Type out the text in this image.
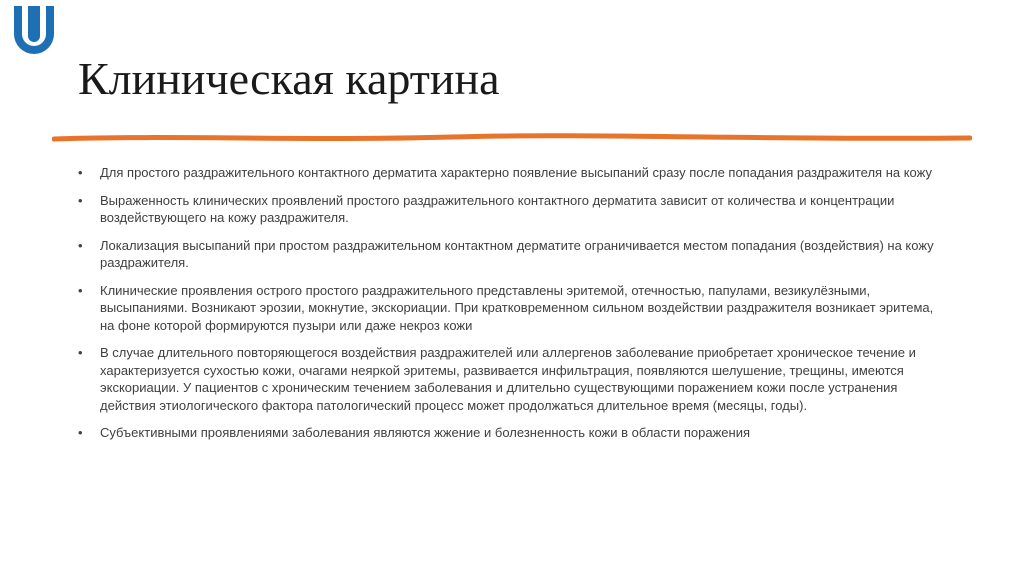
Клиническая картина
• Для простого раздражительного контактного дерматита характерно появление высыпаний сразу после попадания раздражителя на кожу
• Выраженность клинических проявлений простого раздражительного контактного дерматита зависит от количества и концентрации воздействующего на кожу раздражителя.
• Локализация высыпаний при простом раздражительном контактном дерматите ограничивается местом попадания (воздействия) на кожу раздражителя.
• Клинические проявления острого простого раздражительного представлены эритемой, отечностью, папулами, везикулёзными, высыпаниями. Возникают эрозии, мокнутие, экскориации. При кратковременном сильном воздействии раздражителя возникает эритема, на фоне которой формируются пузыри или даже некроз кожи
• В случае длительного повторяющегося воздействия раздражителей или аллергенов заболевание приобретает хроническое течение и характеризуется сухостью кожи, очагами неяркой эритемы, развивается инфильтрация, появляются шелушение, трещины, имеются экскориации. У пациентов с хроническим течением заболевания и длительно существующими поражением кожи после устранения действия этиологического фактора патологический процесс может продолжаться длительное время (месяцы, годы).
• Субъективными проявлениями заболевания являются жжение и болезненность кожи в области поражения
